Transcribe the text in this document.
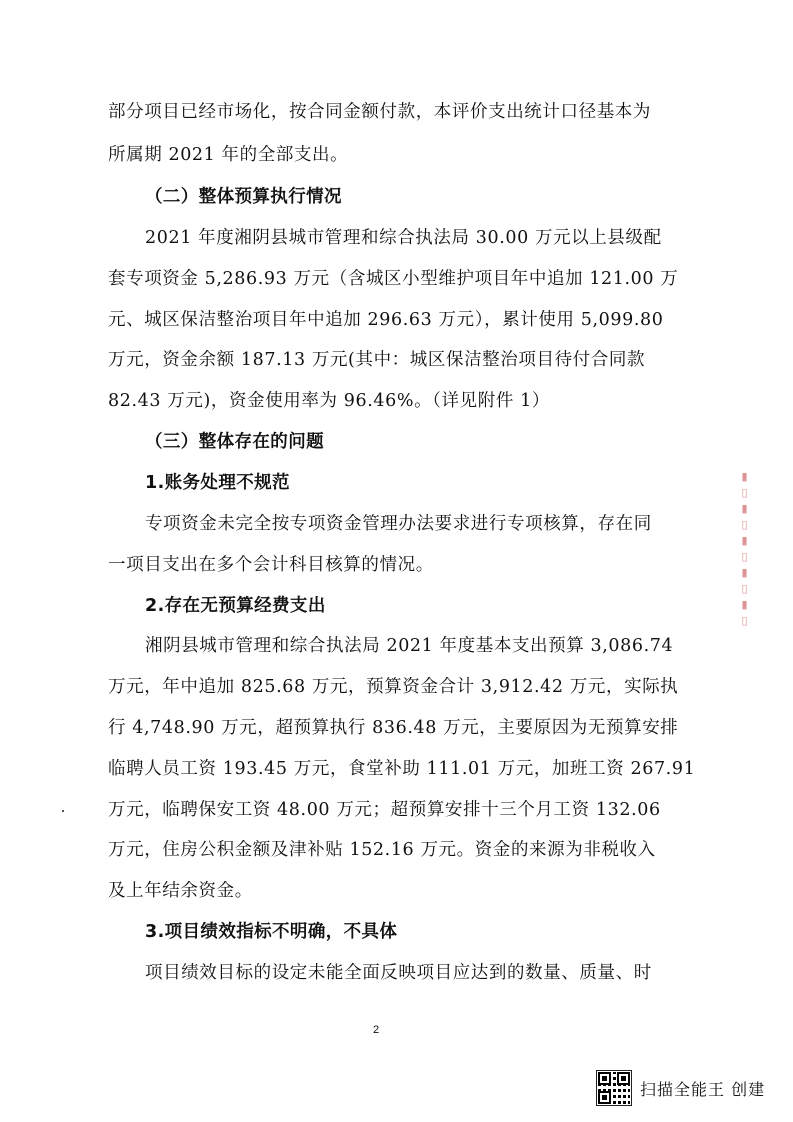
部分项目已经市场化，按合同金额付款，本评价支出统计口径基本为
所属期 2021 年的全部支出。
（二）整体预算执行情况
2021 年度湘阴县城市管理和综合执法局 30.00 万元以上县级配
套专项资金 5,286.93 万元（含城区小型维护项目年中追加 121.00 万
元、城区保洁整治项目年中追加 296.63 万元），累计使用 5,099.80
万元，资金余额 187.13 万元(其中：城区保洁整治项目待付合同款
82.43 万元)，资金使用率为 96.46%。（详见附件 1）
（三）整体存在的问题
1.账务处理不规范
专项资金未完全按专项资金管理办法要求进行专项核算，存在同
一项目支出在多个会计科目核算的情况。
2.存在无预算经费支出
湘阴县城市管理和综合执法局 2021 年度基本支出预算 3,086.74
万元，年中追加 825.68 万元，预算资金合计 3,912.42 万元，实际执
行 4,748.90 万元，超预算执行 836.48 万元，主要原因为无预算安排
临聘人员工资 193.45 万元，食堂补助 111.01 万元，加班工资 267.91
万元，临聘保安工资 48.00 万元；超预算安排十三个月工资 132.06
万元，住房公积金额及津补贴 152.16 万元。资金的来源为非税收入
及上年结余资金。
3.项目绩效指标不明确，不具体
项目绩效目标的设定未能全面反映项目应达到的数量、质量、时
2
▮▯▮▯▮▯▮▯▮▯
扫描全能王 创建
